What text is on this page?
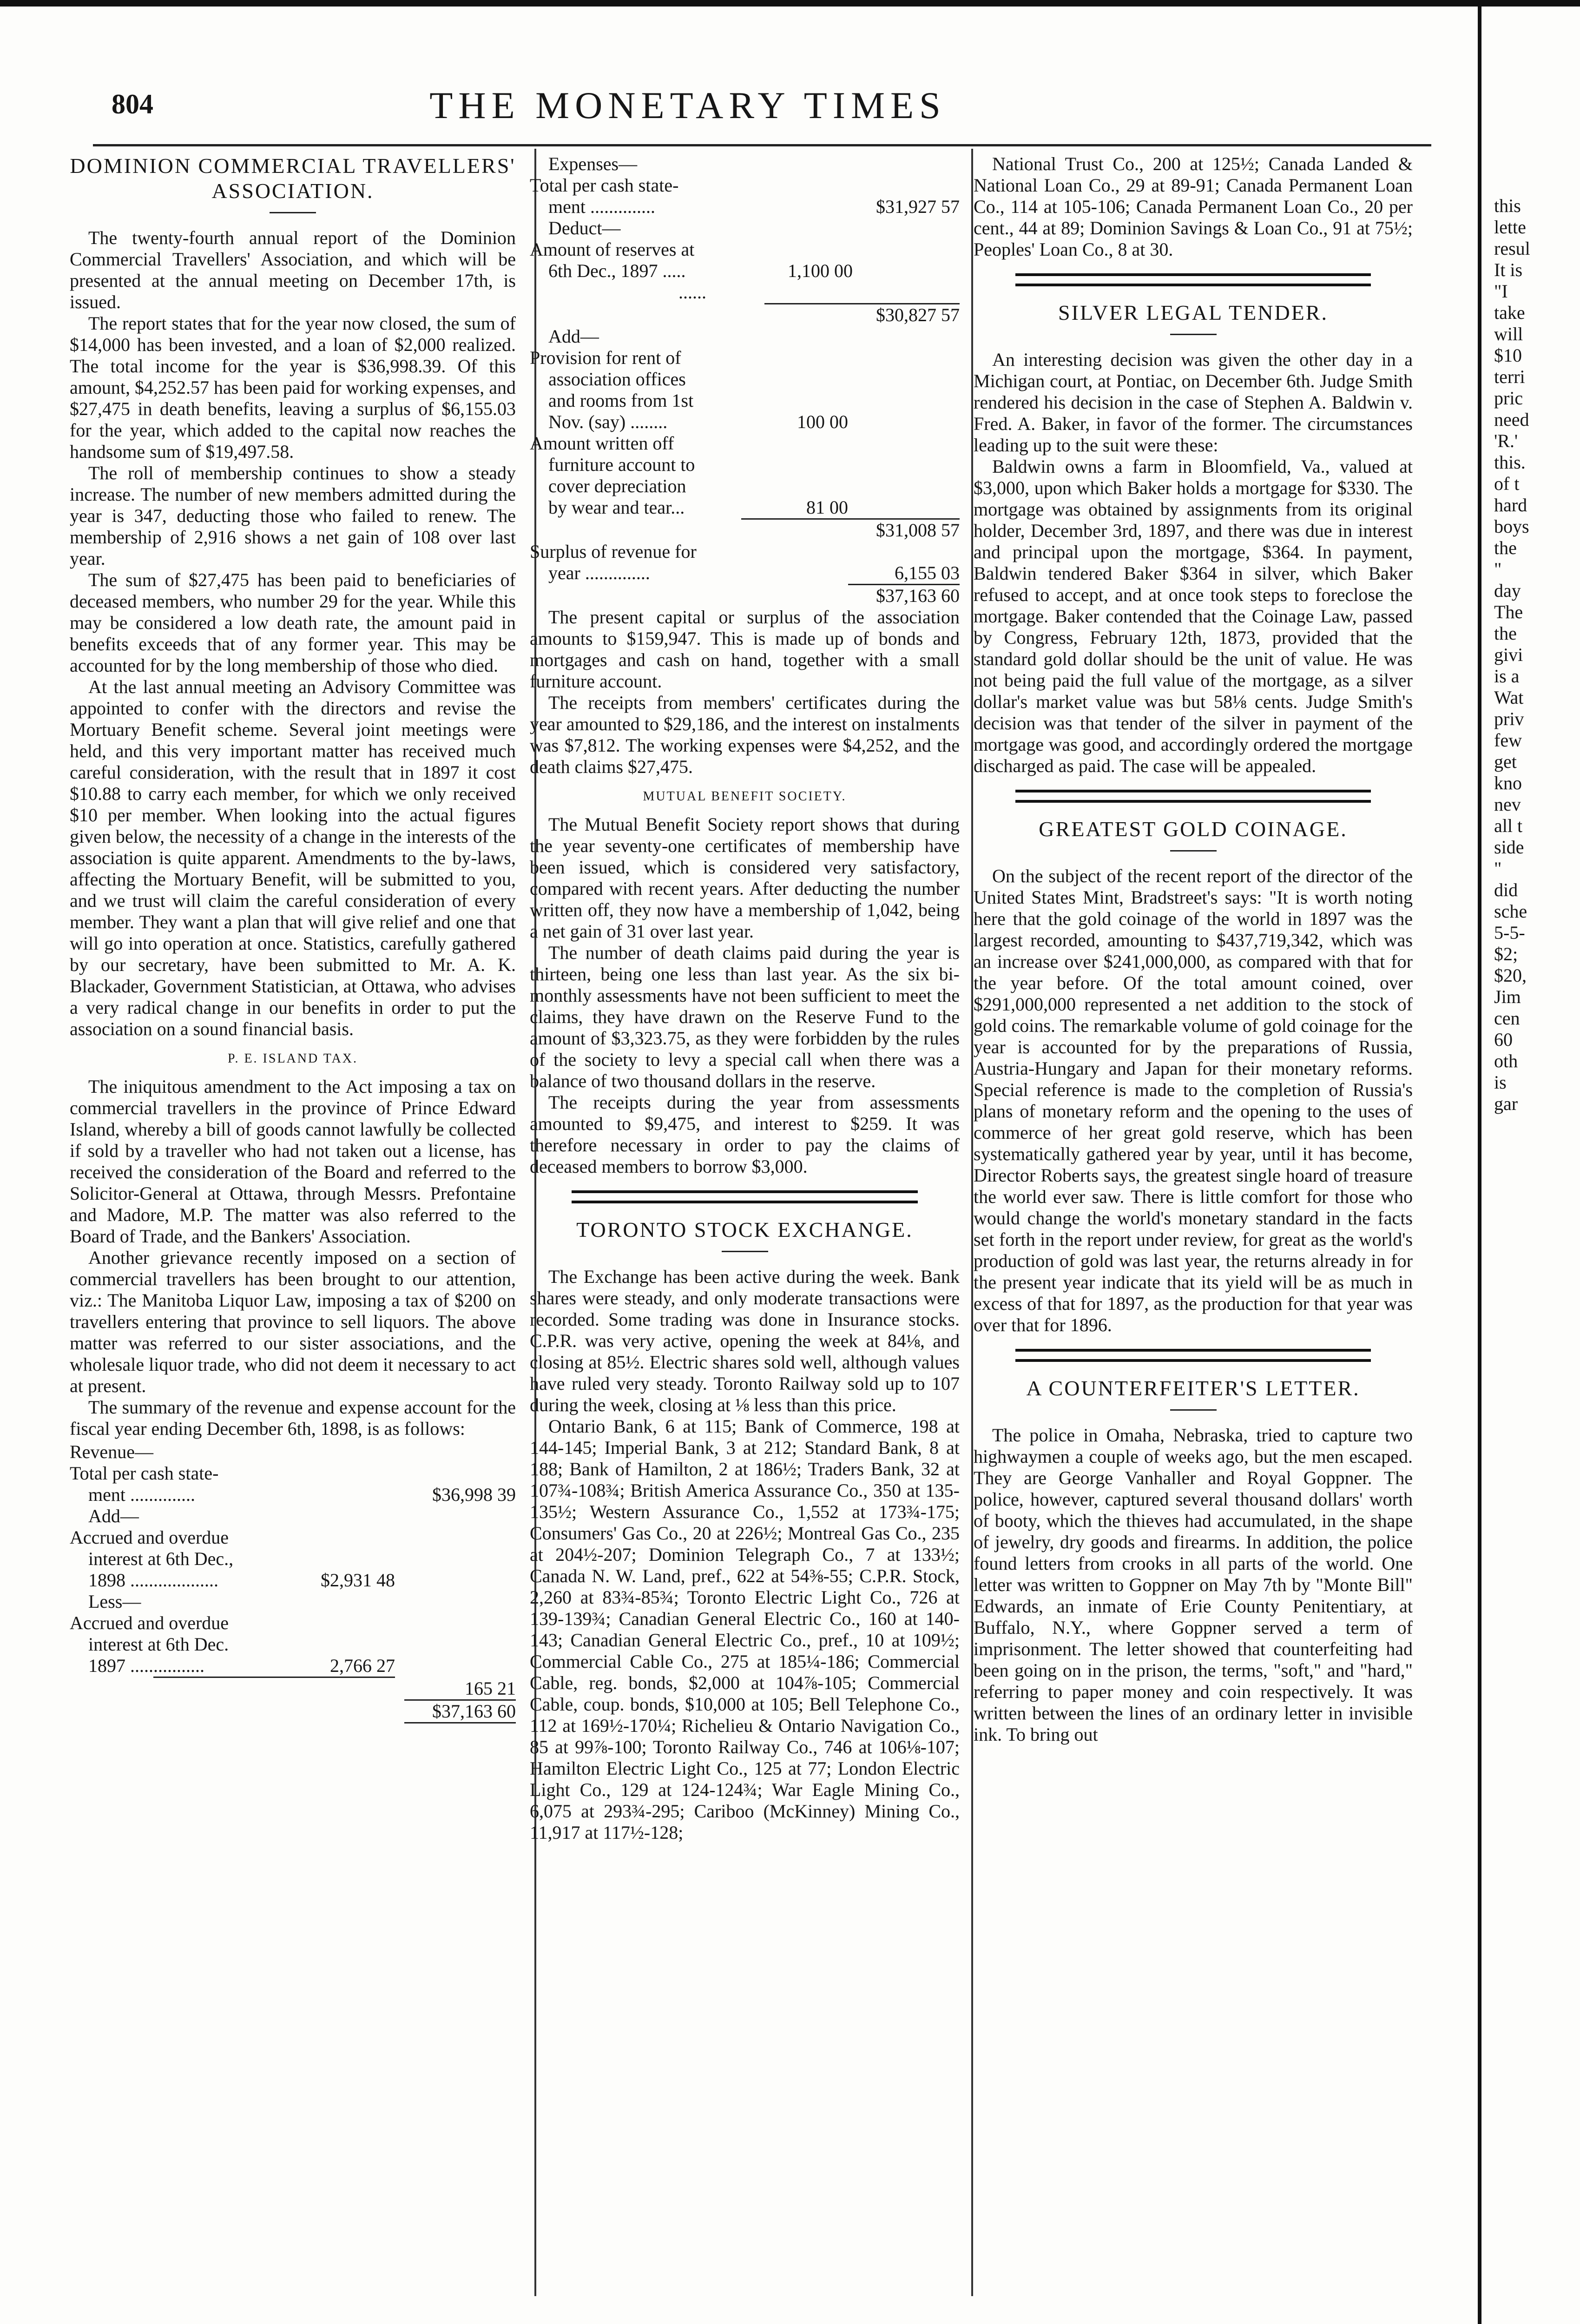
804	THE MONETARY TIMES
DOMINION COMMERCIAL TRAVELLERS' ASSOCIATION.

The twenty-fourth annual report of the Dominion Commercial Travellers' Association, and which will be presented at the annual meeting on December 17th, is issued.

The report states that for the year now closed, the sum of $14,000 has been invested, and a loan of $2,000 realized. The total income for the year is $36,998.39. Of this amount, $4,252.57 has been paid for working expenses, and $27,475 in death benefits, leaving a surplus of $6,155.03 for the year, which added to the capital now reaches the handsome sum of $19,497.58.

The roll of membership continues to show a steady increase. The number of new members admitted during the year is 347, deducting those who failed to renew. The membership of 2,916 shows a net gain of 108 over last year.

The sum of $27,475 has been paid to beneficiaries of deceased members, who number 29 for the year. While this may be considered a low death rate, the amount paid in benefits exceeds that of any former year. This may be accounted for by the long membership of those who died.

At the last annual meeting an Advisory Committee was appointed to confer with the directors and revise the Mortuary Benefit scheme. Several joint meetings were held, and this very important matter has received much careful consideration, with the result that in 1897 it cost $10.88 to carry each member, for which we only received $10 per member. When looking into the actual figures given below, the necessity of a change in the interests of the association is quite apparent. Amendments to the by-laws, affecting the Mortuary Benefit, will be submitted to you, and we trust will claim the careful consideration of every member. They want a plan that will give relief and one that will go into operation at once. Statistics, carefully gathered by our secretary, have been submitted to Mr. A. K. Blackader, Government Statistician, at Ottawa, who advises a very radical change in our benefits in order to put the association on a sound financial basis.

P. E. ISLAND TAX.

The iniquitous amendment to the Act imposing a tax on commercial travellers in the province of Prince Edward Island, whereby a bill of goods cannot lawfully be collected if sold by a traveller who had not taken out a license, has received the consideration of the Board and referred to the Solicitor-General at Ottawa, through Messrs. Prefontaine and Madore, M.P. The matter was also referred to the Board of Trade, and the Bankers' Association.

Another grievance recently imposed on a section of commercial travellers has been brought to our attention, viz.: The Manitoba Liquor Law, imposing a tax of $200 on travellers entering that province to sell liquors. The above matter was referred to our sister associations, and the wholesale liquor trade, who did not deem it necessary to act at present.

The summary of the revenue and expense account for the fiscal year ending December 6th, 1898, is as follows:

Revenue—
Total per cash state-
ment ..............	$36,998 39
Add—
Accrued and overdue
interest at 6th Dec.,
1898 ...................	$2,931 48
Less—
Accrued and overdue
interest at 6th Dec.
1897 ................	2,766 27
165 21
$37,163 60
Expenses—
Total per cash state-
ment ..............	$31,927 57
Deduct—
Amount of reserves at
6th Dec., 1897 .....	1,100 00
......
$30,827 57
Add—
Provision for rent of
association offices
and rooms from 1st
Nov. (say) ........	100 00
Amount written off
furniture account to
cover depreciation
by wear and tear...	81 00
$31,008 57
Surplus of revenue for
year ..............	6,155 03
$37,163 60

The present capital or surplus of the association amounts to $159,947. This is made up of bonds and mortgages and cash on hand, together with a small furniture account.

The receipts from members' certificates during the year amounted to $29,186, and the interest on instalments was $7,812. The working expenses were $4,252, and the death claims $27,475.

MUTUAL BENEFIT SOCIETY.

The Mutual Benefit Society report shows that during the year seventy-one certificates of membership have been issued, which is considered very satisfactory, compared with recent years. After deducting the number written off, they now have a membership of 1,042, being a net gain of 31 over last year.

The number of death claims paid during the year is thirteen, being one less than last year. As the six bi-monthly assessments have not been sufficient to meet the claims, they have drawn on the Reserve Fund to the amount of $3,323.75, as they were forbidden by the rules of the society to levy a special call when there was a balance of two thousand dollars in the reserve.

The receipts during the year from assessments amounted to $9,475, and interest to $259. It was therefore necessary in order to pay the claims of deceased members to borrow $3,000.

TORONTO STOCK EXCHANGE.

The Exchange has been active during the week. Bank shares were steady, and only moderate transactions were recorded. Some trading was done in Insurance stocks. C.P.R. was very active, opening the week at 84⅛, and closing at 85½. Electric shares sold well, although values have ruled very steady. Toronto Railway sold up to 107 during the week, closing at ⅛ less than this price.

Ontario Bank, 6 at 115; Bank of Commerce, 198 at 144-145; Imperial Bank, 3 at 212; Standard Bank, 8 at 188; Bank of Hamilton, 2 at 186½; Traders Bank, 32 at 107¾-108¾; British America Assurance Co., 350 at 135-135½; Western Assurance Co., 1,552 at 173¾-175; Consumers' Gas Co., 20 at 226½; Montreal Gas Co., 235 at 204½-207; Dominion Telegraph Co., 7 at 133½; Canada N. W. Land, pref., 622 at 54⅜-55; C.P.R. Stock, 2,260 at 83¾-85¾; Toronto Electric Light Co., 726 at 139-139¾; Canadian General Electric Co., 160 at 140-143; Canadian General Electric Co., pref., 10 at 109½; Commercial Cable Co., 275 at 185¼-186; Commercial Cable, reg. bonds, $2,000 at 104⅞-105; Commercial Cable, coup. bonds, $10,000 at 105; Bell Telephone Co., 112 at 169½-170¼; Richelieu & Ontario Navigation Co., 85 at 99⅞-100; Toronto Railway Co., 746 at 106⅛-107; Hamilton Electric Light Co., 125 at 77; London Electric Light Co., 129 at 124-124¾; War Eagle Mining Co., 6,075 at 293¾-295; Cariboo (McKinney) Mining Co., 11,917 at 117½-128;

National Trust Co., 200 at 125½; Canada Landed & National Loan Co., 29 at 89-91; Canada Permanent Loan Co., 114 at 105-106; Canada Permanent Loan Co., 20 per cent., 44 at 89; Dominion Savings & Loan Co., 91 at 75½; Peoples' Loan Co., 8 at 30.

SILVER LEGAL TENDER.

An interesting decision was given the other day in a Michigan court, at Pontiac, on December 6th. Judge Smith rendered his decision in the case of Stephen A. Baldwin v. Fred. A. Baker, in favor of the former. The circumstances leading up to the suit were these:

Baldwin owns a farm in Bloomfield, Va., valued at $3,000, upon which Baker holds a mortgage for $330. The mortgage was obtained by assignments from its original holder, December 3rd, 1897, and there was due in interest and principal upon the mortgage, $364. In payment, Baldwin tendered Baker $364 in silver, which Baker refused to accept, and at once took steps to foreclose the mortgage. Baker contended that the Coinage Law, passed by Congress, February 12th, 1873, provided that the standard gold dollar should be the unit of value. He was not being paid the full value of the mortgage, as a silver dollar's market value was but 58⅛ cents. Judge Smith's decision was that tender of the silver in payment of the mortgage was good, and accordingly ordered the mortgage discharged as paid. The case will be appealed.

GREATEST GOLD COINAGE.

On the subject of the recent report of the director of the United States Mint, Bradstreet's says: "It is worth noting here that the gold coinage of the world in 1897 was the largest recorded, amounting to $437,719,342, which was an increase over $241,000,000, as compared with that for the year before. Of the total amount coined, over $291,000,000 represented a net addition to the stock of gold coins. The remarkable volume of gold coinage for the year is accounted for by the preparations of Russia, Austria-Hungary and Japan for their monetary reforms. Special reference is made to the completion of Russia's plans of monetary reform and the opening to the uses of commerce of her great gold reserve, which has been systematically gathered year by year, until it has become, Director Roberts says, the greatest single hoard of treasure the world ever saw. There is little comfort for those who would change the world's monetary standard in the facts set forth in the report under review, for great as the world's production of gold was last year, the returns already in for the present year indicate that its yield will be as much in excess of that for 1897, as the production for that year was over that for 1896.

A COUNTERFEITER'S LETTER.

The police in Omaha, Nebraska, tried to capture two highwaymen a couple of weeks ago, but the men escaped. They are George Vanhaller and Royal Goppner. The police, however, captured several thousand dollars' worth of booty, which the thieves had accumulated, in the shape of jewelry, dry goods and firearms. In addition, the police found letters from crooks in all parts of the world. One letter was written to Goppner on May 7th by "Monte Bill" Edwards, an inmate of Erie County Penitentiary, at Buffalo, N.Y., where Goppner served a term of imprisonment. The letter showed that counterfeiting had been going on in the prison, the terms, "soft," and "hard," referring to paper money and coin respectively. It was written between the lines of an ordinary letter in invisible ink. To bring out

this
lette
resul
It is
"I
take
will
$10
terri
pric
need
'R.'
this.
of t
hard
boys
the
"
day
The
the
givi
is a
Wat
priv
few
get
kno
nev
all t
side
"
did
sche
5-5-
$2;
$20,
Jim
cen
60
oth
is
gar
